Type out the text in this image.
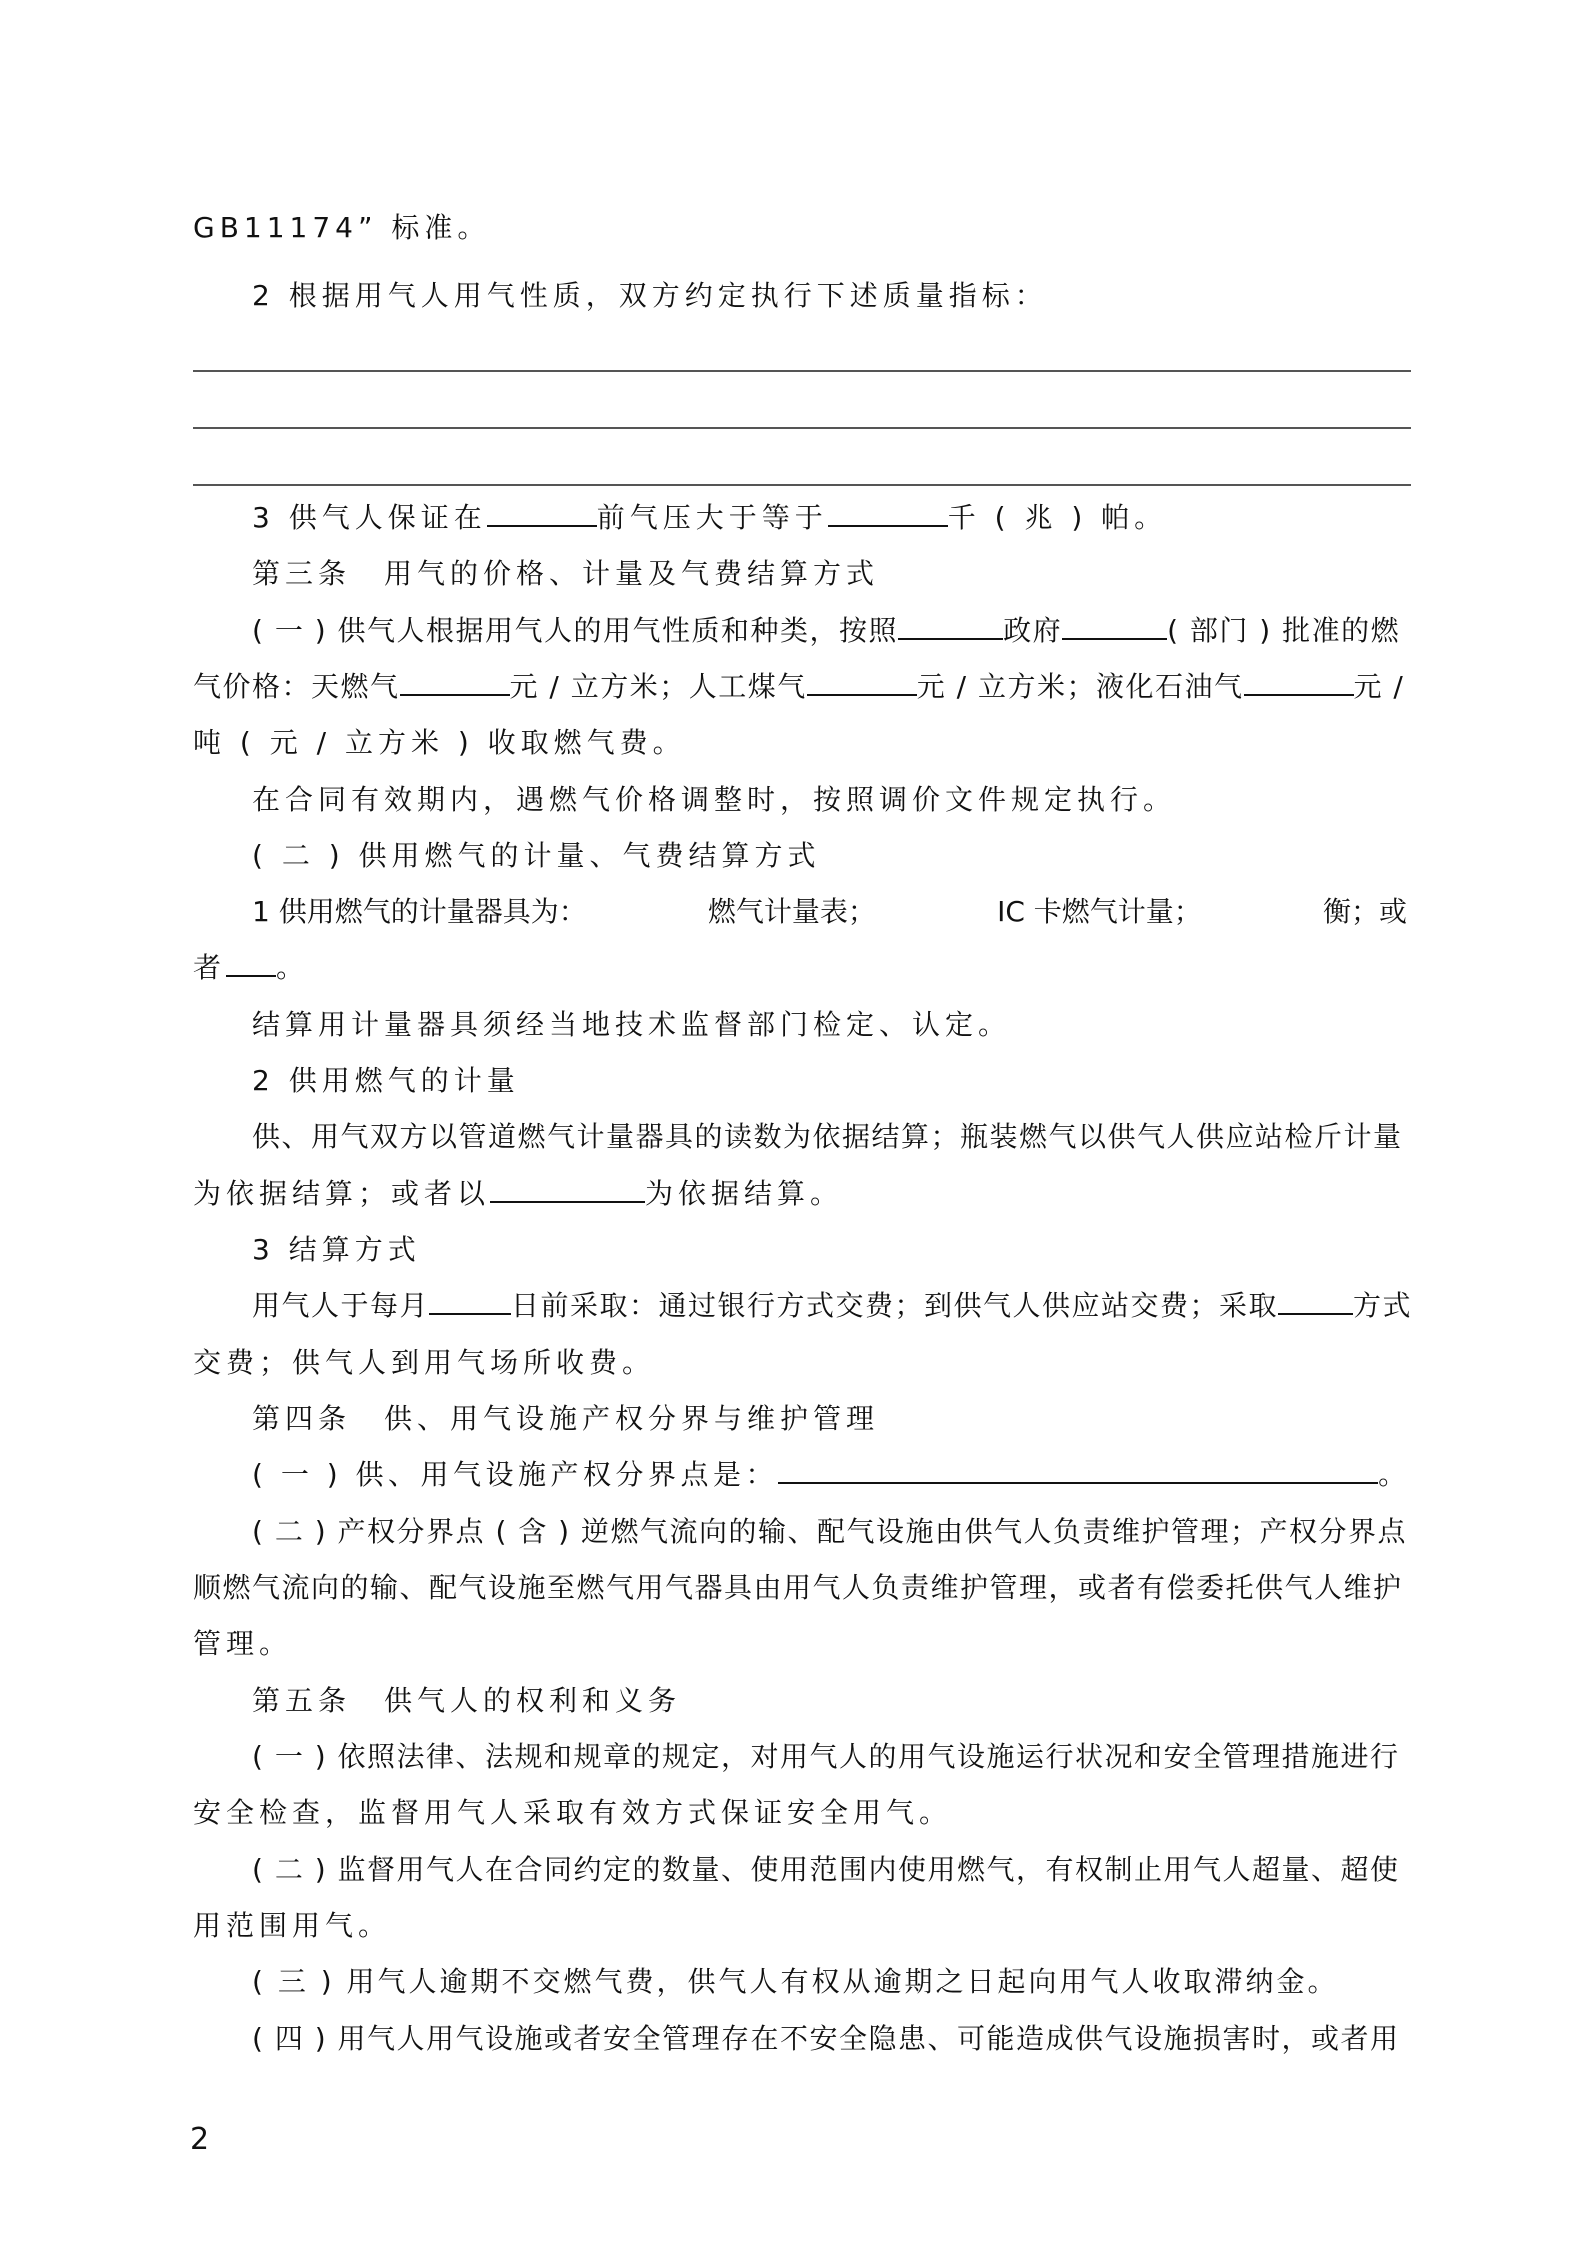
GB11174” 标准。
2 根据用气人用气性质，双方约定执行下述质量指标：
3 供气人保证在	前气压大于等于	千 ( 兆 ) 帕。
第三条　用气的价格、计量及气费结算方式
( 一 ) 供气人根据用气人的用气性质和种类，按照	政府	( 部门 ) 批准的燃
气价格：天燃气	元 / 立方米；人工煤气	元 / 立方米；液化石油气	元 /
吨 ( 元 / 立方米 ) 收取燃气费。
在合同有效期内，遇燃气价格调整时，按照调价文件规定执行。
( 二 ) 供用燃气的计量、气费结算方式
1 供用燃气的计量器具为：	燃气计量表；	IC 卡燃气计量；	衡；或
者 。
结算用计量器具须经当地技术监督部门检定、认定。
2 供用燃气的计量
供、用气双方以管道燃气计量器具的读数为依据结算；瓶装燃气以供气人供应站检斤计量
为依据结算；或者以	为依据结算。
3 结算方式
用气人于每月	日前采取：通过银行方式交费；到供气人供应站交费；采取	方式
交费；供气人到用气场所收费。
第四条　供、用气设施产权分界与维护管理
( 一 ) 供、用气设施产权分界点是：	。
( 二 ) 产权分界点 ( 含 ) 逆燃气流向的输、配气设施由供气人负责维护管理；产权分界点
顺燃气流向的输、配气设施至燃气用气器具由用气人负责维护管理，或者有偿委托供气人维护
管理。
第五条　供气人的权利和义务
( 一 ) 依照法律、法规和规章的规定，对用气人的用气设施运行状况和安全管理措施进行
安全检查，监督用气人采取有效方式保证安全用气。
( 二 ) 监督用气人在合同约定的数量、使用范围内使用燃气，有权制止用气人超量、超使
用范围用气。
( 三 ) 用气人逾期不交燃气费，供气人有权从逾期之日起向用气人收取滞纳金。
( 四 ) 用气人用气设施或者安全管理存在不安全隐患、可能造成供气设施损害时，或者用
2
